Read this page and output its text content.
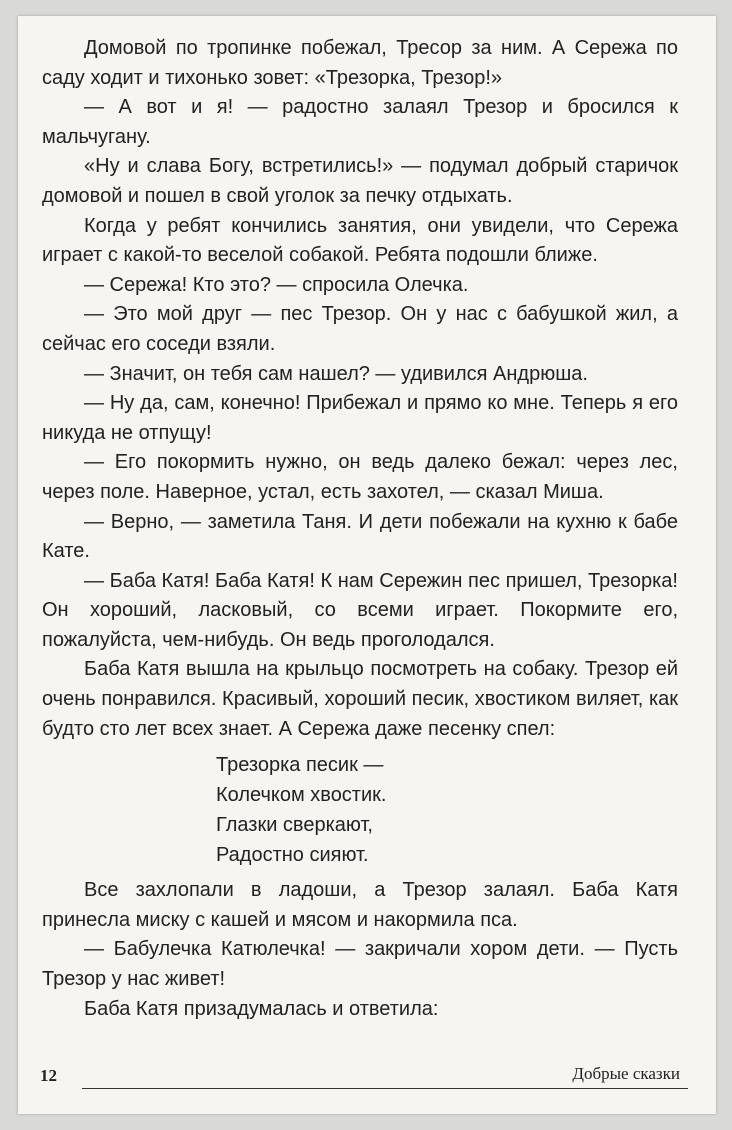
Домовой по тропинке побежал, Тресор за ним. А Сережа по саду ходит и тихонько зовет: «Трезорка, Трезор!»

— А вот и я! — радостно залаял Трезор и бросился к мальчугану.

«Ну и слава Богу, встретились!» — подумал добрый старичок домовой и пошел в свой уголок за печку отдыхать.

Когда у ребят кончились занятия, они увидели, что Сережа играет с какой-то веселой собакой. Ребята подошли ближе.

— Сережа! Кто это? — спросила Олечка.

— Это мой друг — пес Трезор. Он у нас с бабушкой жил, а сейчас его соседи взяли.

— Значит, он тебя сам нашел? — удивился Андрюша.

— Ну да, сам, конечно! Прибежал и прямо ко мне. Теперь я его никуда не отпущу!

— Его покормить нужно, он ведь далеко бежал: через лес, через поле. Наверное, устал, есть захотел, — сказал Миша.

— Верно, — заметила Таня. И дети побежали на кухню к бабе Кате.

— Баба Катя! Баба Катя! К нам Сережин пес пришел, Трезорка! Он хороший, ласковый, со всеми играет. Покормите его, пожалуйста, чем-нибудь. Он ведь проголодался.

Баба Катя вышла на крыльцо посмотреть на собаку. Трезор ей очень понравился. Красивый, хороший песик, хвостиком виляет, как будто сто лет всех знает. А Сережа даже песенку спел:

Трезорка песик —
Колечком хвостик.
Глазки сверкают,
Радостно сияют.

Все захлопали в ладоши, а Трезор залаял. Баба Катя принесла миску с кашей и мясом и накормила пса.

— Бабулечка Катюлечка! — закричали хором дети. — Пусть Трезор у нас живет!

Баба Катя призадумалась и ответила:

12	Добрые сказки
